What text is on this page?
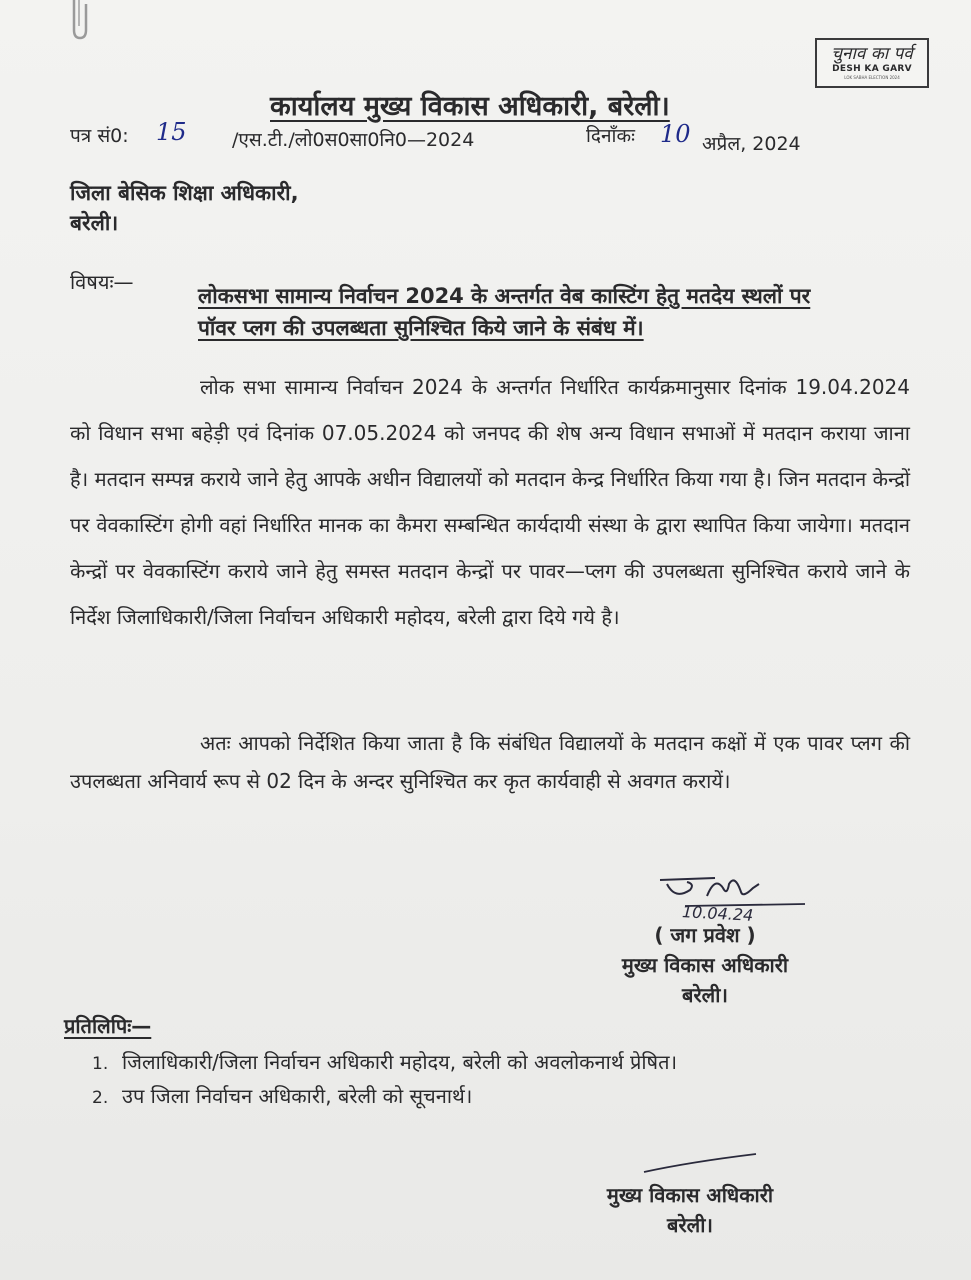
चुनाव का पर्व
DESH KA GARV
LOK SABHA ELECTION 2024
कार्यालय मुख्य विकास अधिकारी, बरेली।
पत्र सं0: 15 /एस.टी./लो0स0सा0नि0—2024	दिनाँकः 10 अप्रैल, 2024
जिला बेसिक शिक्षा अधिकारी,
बरेली।
विषयः—
लोकसभा सामान्य निर्वाचन 2024 के अन्तर्गत वेब कास्टिंग हेतु मतदेय स्थलों पर
पॉवर प्लग की उपलब्धता सुनिश्चित किये जाने के संबंध में।
लोक सभा सामान्य निर्वाचन 2024 के अन्तर्गत निर्धारित कार्यक्रमानुसार दिनांक 19.04.2024 को विधान सभा बहेड़ी एवं दिनांक 07.05.2024 को जनपद की शेष अन्य विधान सभाओं में मतदान कराया जाना है। मतदान सम्पन्न कराये जाने हेतु आपके अधीन विद्यालयों को मतदान केन्द्र निर्धारित किया गया है। जिन मतदान केन्द्रों पर वेवकास्टिंग होगी वहां निर्धारित मानक का कैमरा सम्बन्धित कार्यदायी संस्था के द्वारा स्थापित किया जायेगा। मतदान केन्द्रों पर वेवकास्टिंग कराये जाने हेतु समस्त मतदान केन्द्रों पर पावर—प्लग की उपलब्धता सुनिश्चित कराये जाने के निर्देश जिलाधिकारी/जिला निर्वाचन अधिकारी महोदय, बरेली द्वारा दिये गये है।
अतः आपको निर्देशित किया जाता है कि संबंधित विद्यालयों के मतदान कक्षों में एक पावर प्लग की उपलब्धता अनिवार्य रूप से 02 दिन के अन्दर सुनिश्चित कर कृत कार्यवाही से अवगत करायें।
10.04.24
( जग प्रवेश )
मुख्य विकास अधिकारी
बरेली।
प्रतिलिपिः—
1. जिलाधिकारी/जिला निर्वाचन अधिकारी महोदय, बरेली को अवलोकनार्थ प्रेषित।
2. उप जिला निर्वाचन अधिकारी, बरेली को सूचनार्थ।
मुख्य विकास अधिकारी
बरेली।
